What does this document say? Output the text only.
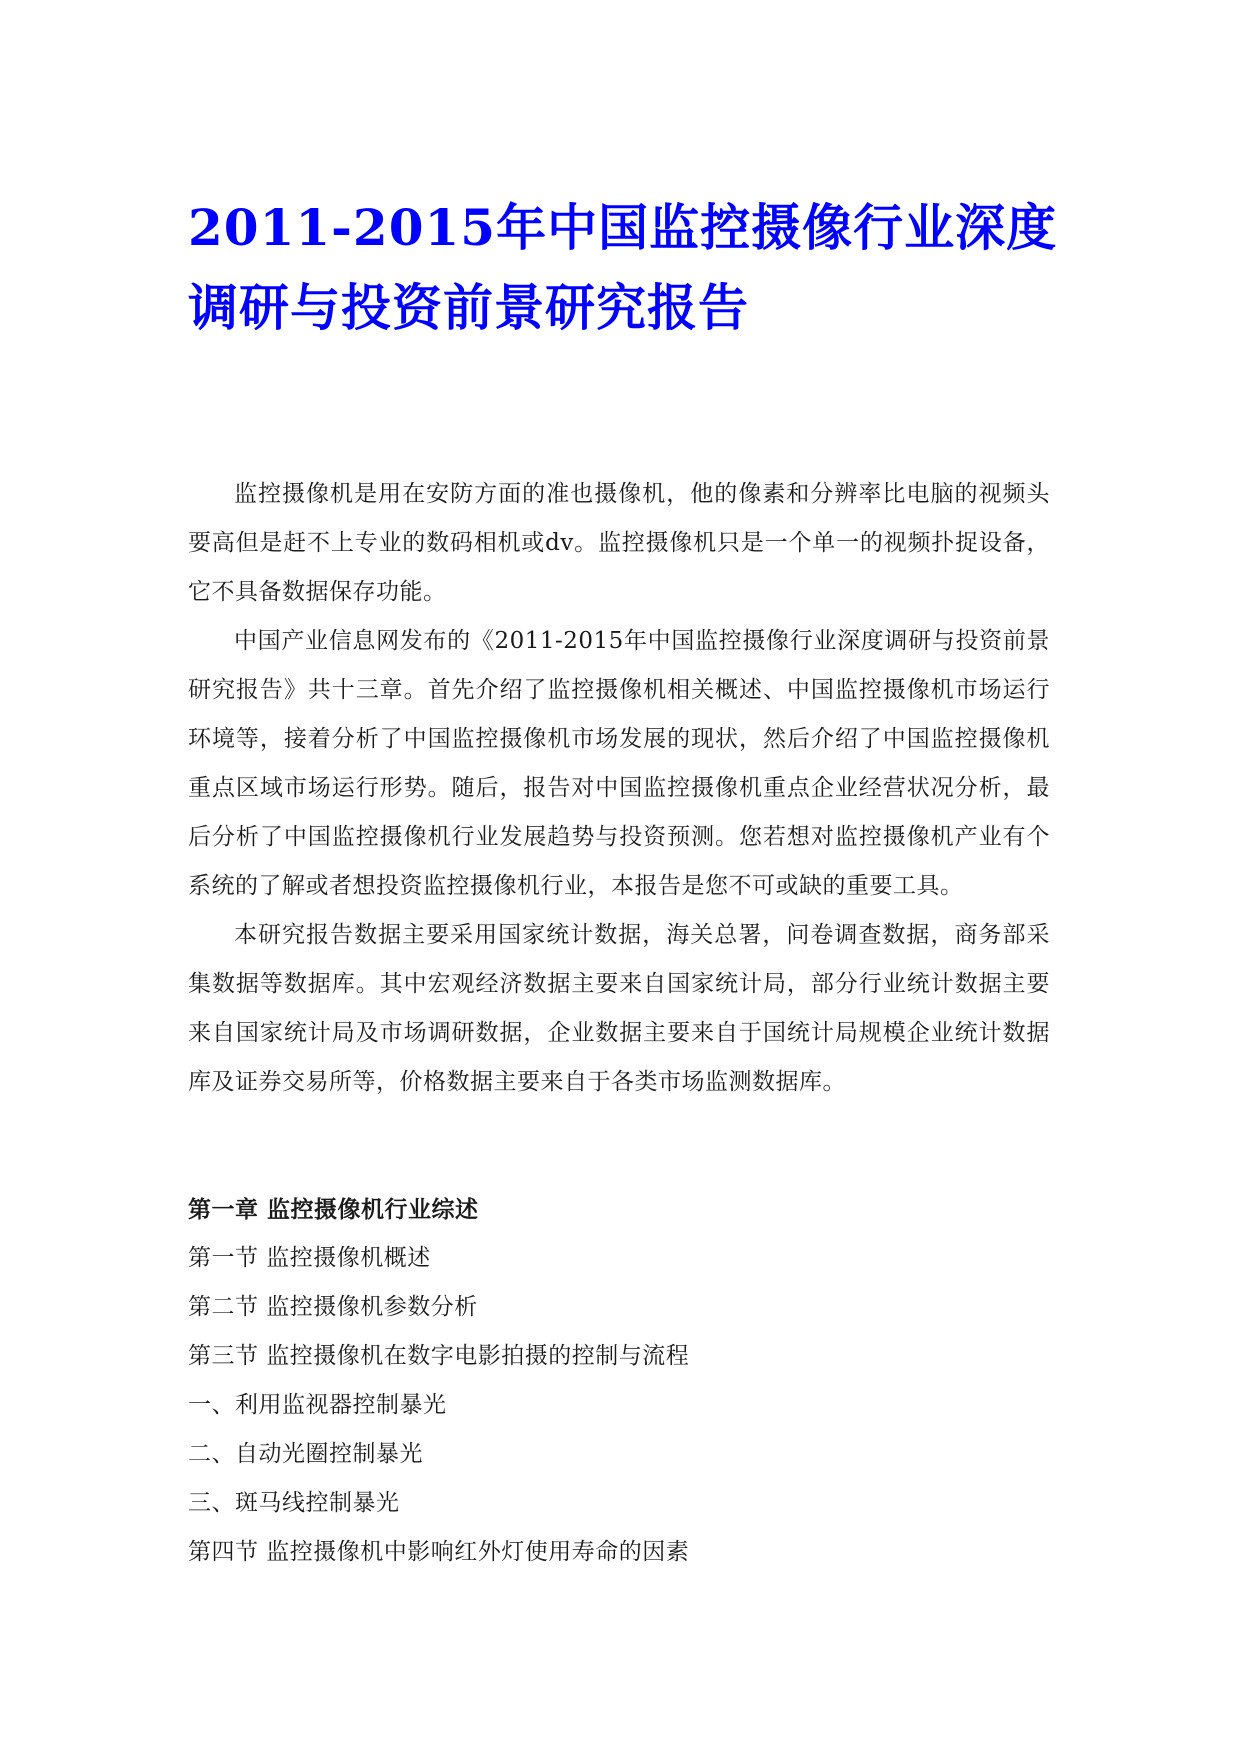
2011-2015年中国监控摄像行业深度调研与投资前景研究报告

监控摄像机是用在安防方面的准也摄像机，他的像素和分辨率比电脑的视频头要高但是赶不上专业的数码相机或dv。监控摄像机只是一个单一的视频扑捉设备，它不具备数据保存功能。

中国产业信息网发布的《2011-2015年中国监控摄像行业深度调研与投资前景研究报告》共十三章。首先介绍了监控摄像机相关概述、中国监控摄像机市场运行环境等，接着分析了中国监控摄像机市场发展的现状，然后介绍了中国监控摄像机重点区域市场运行形势。随后，报告对中国监控摄像机重点企业经营状况分析，最后分析了中国监控摄像机行业发展趋势与投资预测。您若想对监控摄像机产业有个系统的了解或者想投资监控摄像机行业，本报告是您不可或缺的重要工具。

本研究报告数据主要采用国家统计数据，海关总署，问卷调查数据，商务部采集数据等数据库。其中宏观经济数据主要来自国家统计局，部分行业统计数据主要来自国家统计局及市场调研数据，企业数据主要来自于国统计局规模企业统计数据库及证券交易所等，价格数据主要来自于各类市场监测数据库。

第一章 监控摄像机行业综述
第一节 监控摄像机概述
第二节 监控摄像机参数分析
第三节 监控摄像机在数字电影拍摄的控制与流程
一、利用监视器控制暴光
二、自动光圈控制暴光
三、斑马线控制暴光
第四节 监控摄像机中影响红外灯使用寿命的因素
